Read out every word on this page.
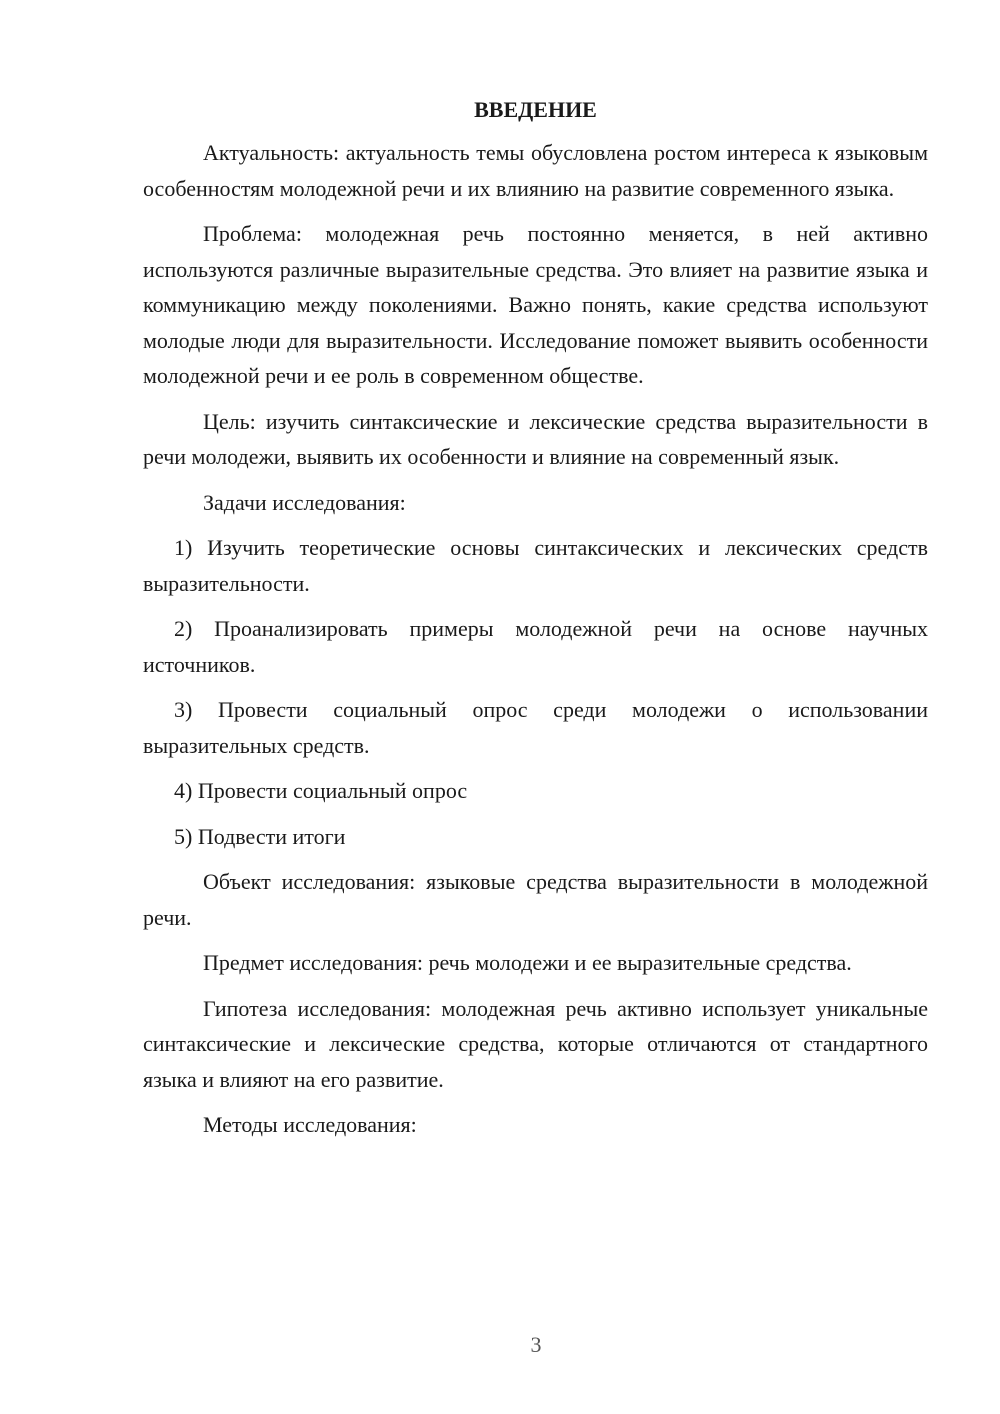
ВВЕДЕНИЕ

Актуальность: актуальность темы обусловлена ростом интереса к языковым особенностям молодежной речи и их влиянию на развитие современного языка.

Проблема: молодежная речь постоянно меняется, в ней активно используются различные выразительные средства. Это влияет на развитие языка и коммуникацию между поколениями. Важно понять, какие средства используют молодые люди для выразительности. Исследование поможет выявить особенности молодежной речи и ее роль в современном обществе.

Цель: изучить синтаксические и лексические средства выразительности в речи молодежи, выявить их особенности и влияние на современный язык.

Задачи исследования:

1) Изучить теоретические основы синтаксических и лексических средств выразительности.

2) Проанализировать примеры молодежной речи на основе научных источников.

3) Провести социальный опрос среди молодежи о использовании выразительных средств.

4) Провести социальный опрос

5) Подвести итоги

Объект исследования: языковые средства выразительности в молодежной речи.

Предмет исследования: речь молодежи и ее выразительные средства.

Гипотеза исследования: молодежная речь активно использует уникальные синтаксические и лексические средства, которые отличаются от стандартного языка и влияют на его развитие.

Методы исследования:

3
